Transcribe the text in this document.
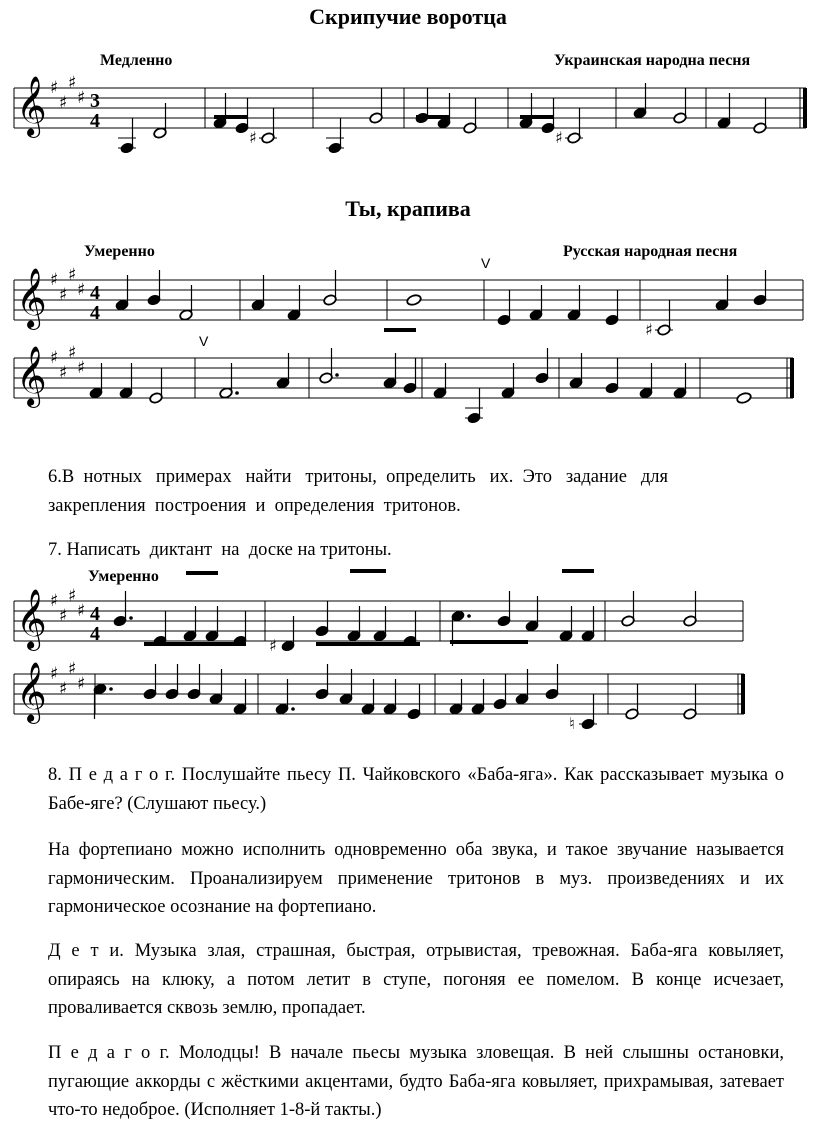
Скрипучие воротца
Медленно	Украинская народна песня
𝄞 ♯
♯
♯
♯ 3
4
♯	♯
Ты, крапива
Умеренно	Русская народная песня
𝄞 ♯
♯
♯
♯ 4
4
♯
V
𝄞 ♯
♯
♯
♯
V
6.В  нотных   примерах   найти   тритоны,  определить   их.  Это   задание   для
закрепления  построения  и  определения  тритонов.
7. Написать  диктант  на  доске на тритоны.
Умеренно
𝄞 ♯
♯
♯
♯ 4
4
♯
𝄞 ♯
♯
♯
♯
♮
8. П е д а г о г. Послушайте пьесу П. Чайковского «Баба-яга». Как рассказывает музыка о Бабе-яге? (Слушают пьесу.)
На фортепиано можно исполнить одновременно оба звука, и такое звучание называется гармоническим. Проанализируем применение тритонов в муз. произведениях и их гармоническое осознание на фортепиано.
Д е т и. Музыка злая, страшная, быстрая, отрывистая, тревожная. Баба-яга ковыляет, опираясь на клюку, а потом летит в ступе, погоняя ее помелом. В конце исчезает, проваливается сквозь землю, пропадает.
П е д а г о г. Молодцы! В начале пьесы музыка зловещая. В ней слышны остановки, пугающие аккорды с жёсткими акцентами, будто Баба-яга ковыляет, прихрамывая, затевает что-то недоброе. (Исполняет 1-8-й такты.)
